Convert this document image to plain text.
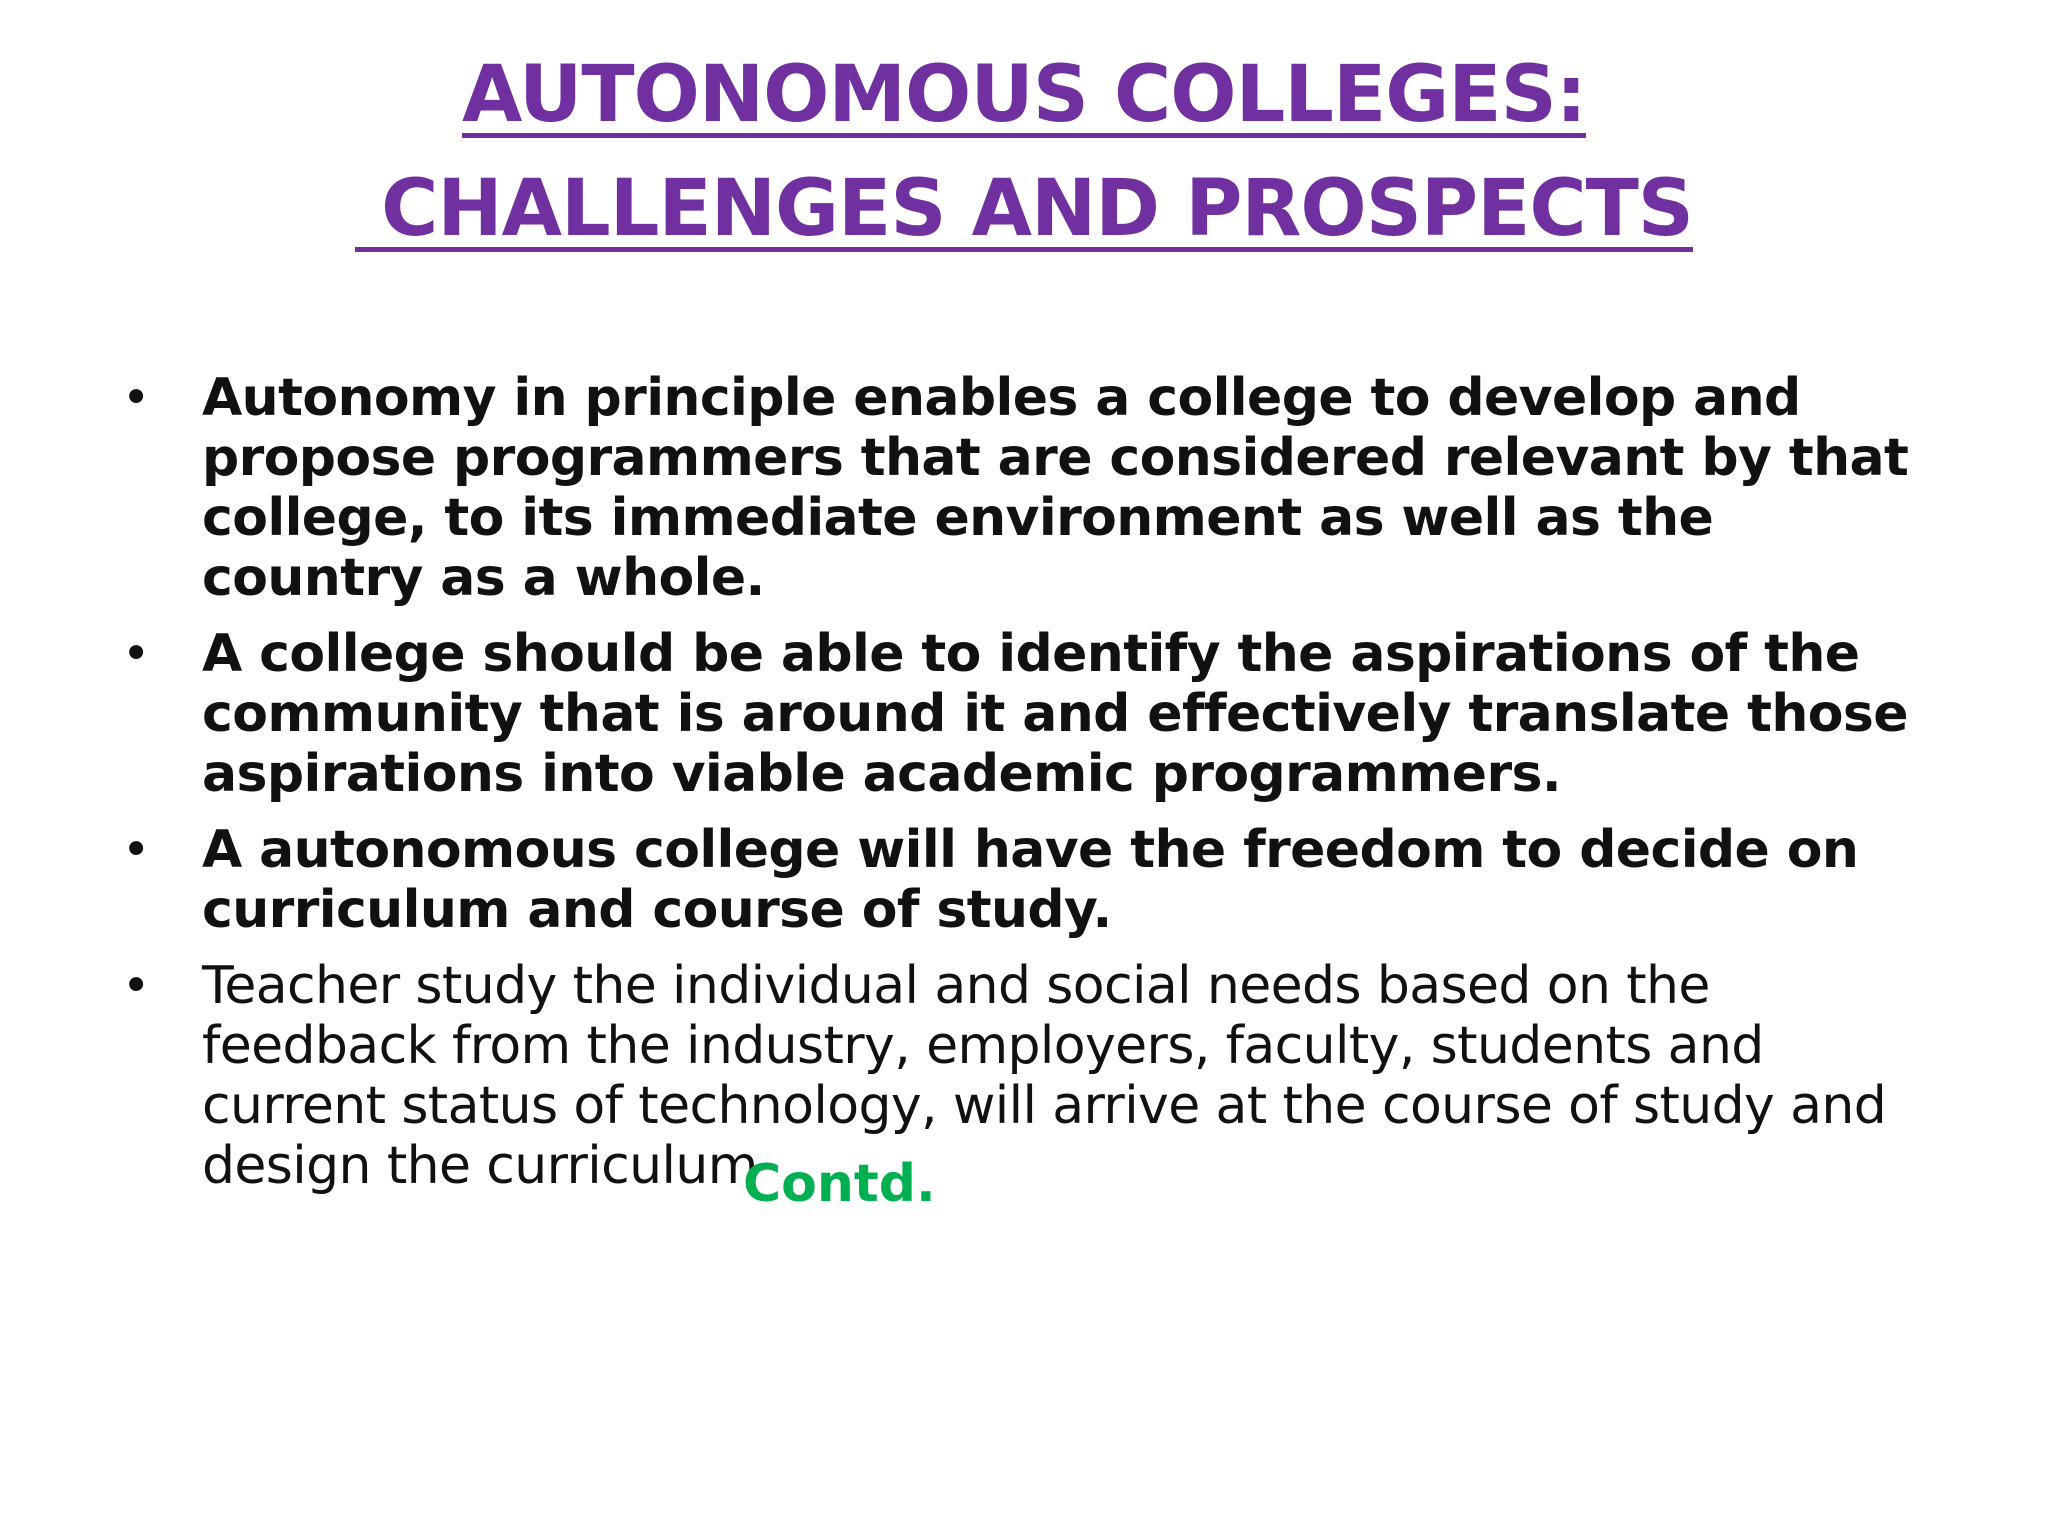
AUTONOMOUS COLLEGES:
CHALLENGES AND PROSPECTS
• Autonomy in principle enables a college to develop and propose programmers that are considered relevant by that college, to its immediate environment as well as the country as a whole.
• A college should be able to identify the aspirations of the community that is around it and effectively translate those aspirations into viable academic programmers.
• A autonomous college will have the freedom to decide on curriculum and course of study.
• Teacher study the individual and social needs based on the feedback from the industry, employers, faculty, students and current status of technology, will arrive at the course of study and design the curriculum
Contd.
